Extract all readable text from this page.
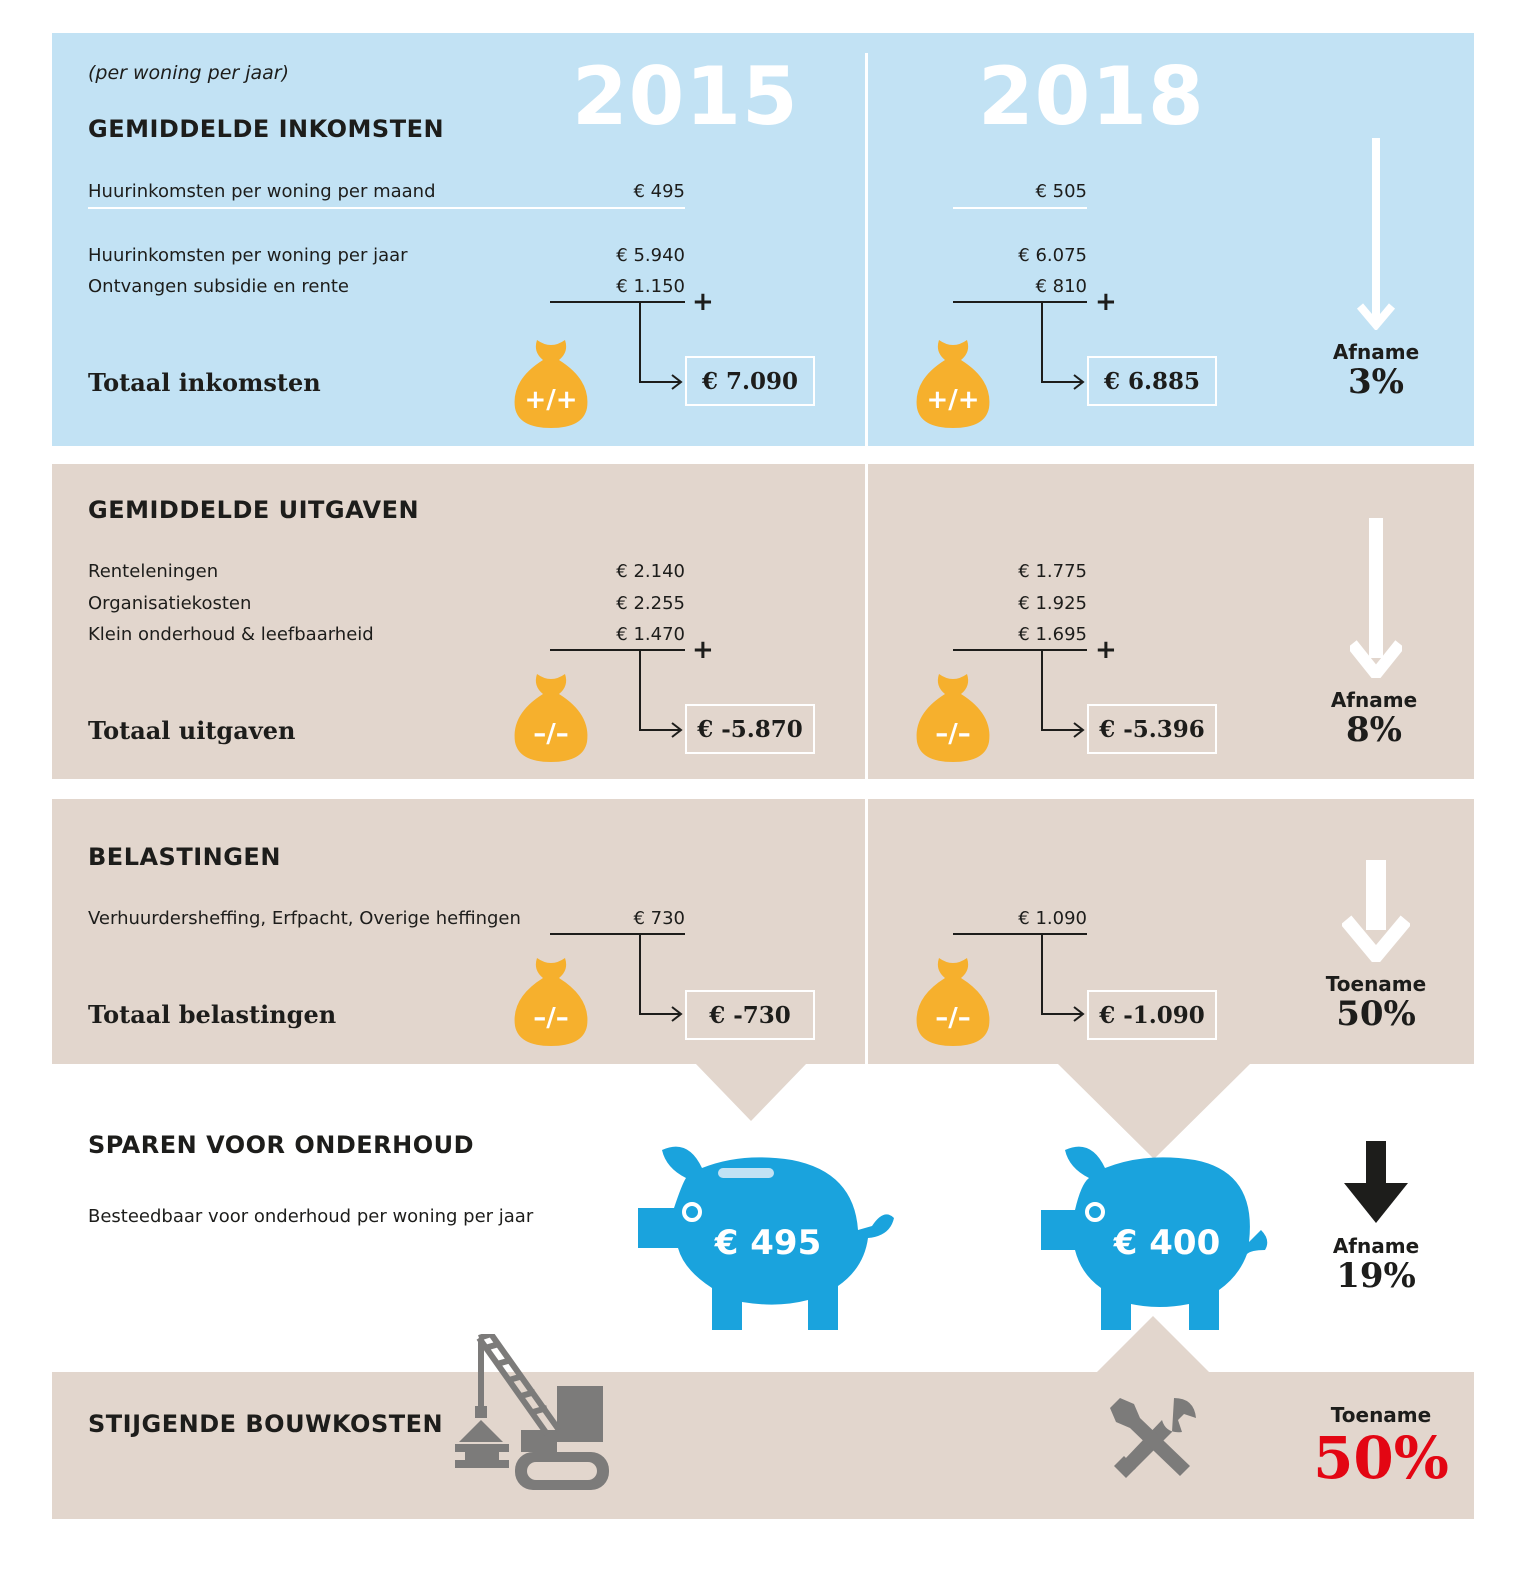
(per woning per jaar)	2015 2018
GEMIDDELDE INKOMSTEN
Huurinkomsten per woning per maand	€ 495	€ 505
Huurinkomsten per woning per jaar	€ 5.940	€ 6.075
Ontvangen subsidie en rente	€ 1.150	€ 810
+	+
Totaal inkomsten	€ 7.090	€ 6.885
+/+	+/+
Afname
3%
GEMIDDELDE UITGAVEN
Renteleningen	€ 2.140	€ 1.775
Organisatiekosten	€ 2.255	€ 1.925
Klein onderhoud & leefbaarheid	€ 1.470	€ 1.695
+	+
Totaal uitgaven	€ -5.870	€ -5.396
–/–	–/–
Afname
8%
BELASTINGEN
Verhuurdersheffing, Erfpacht, Overige heffingen	€ 730	€ 1.090
Totaal belastingen	€ -730	€ -1.090
–/–	–/–
Toename
50%
SPAREN VOOR ONDERHOUD
Besteedbaar voor onderhoud per woning per jaar
€ 495	€ 400	Afname
19%
STIJGENDE BOUWKOSTEN	Toename
50%
